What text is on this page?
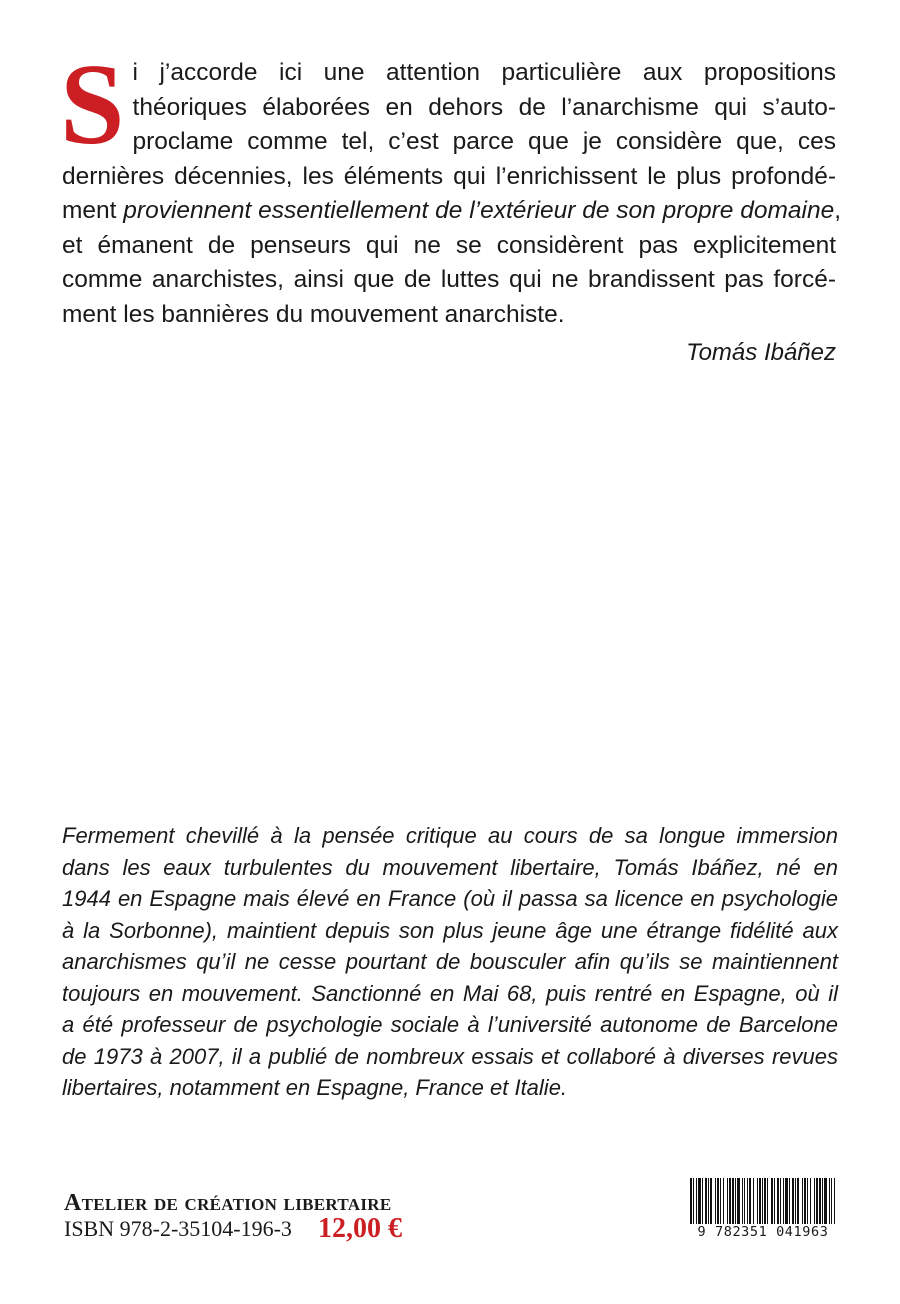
S i j’accorde ici une attention particulière aux propositions
théoriques élaborées en dehors de l’anarchisme qui s’auto-
proclame comme tel, c’est parce que je considère que, ces
dernières décennies, les éléments qui l’enrichissent le plus profondé-
ment proviennent essentiellement de l’extérieur de son propre domaine,
et émanent de penseurs qui ne se considèrent pas explicitement
comme anarchistes, ainsi que de luttes qui ne brandissent pas forcé-
ment les bannières du mouvement anarchiste.
Tomás Ibáñez
Fermement chevillé à la pensée critique au cours de sa longue immersion
dans les eaux turbulentes du mouvement libertaire, Tomás Ibáñez, né en
1944 en Espagne mais élevé en France (où il passa sa licence en psychologie
à la Sorbonne), maintient depuis son plus jeune âge une étrange fidélité aux
anarchismes qu’il ne cesse pourtant de bousculer afin qu’ils se maintiennent
toujours en mouvement. Sanctionné en Mai 68, puis rentré en Espagne, où il
a été professeur de psychologie sociale à l’université autonome de Barcelone
de 1973 à 2007, il a publié de nombreux essais et collaboré à diverses revues
libertaires, notamment en Espagne, France et Italie.
Atelier de création libertaire
ISBN 978-2-35104-196-3 12,00 €	9 782351 041963
